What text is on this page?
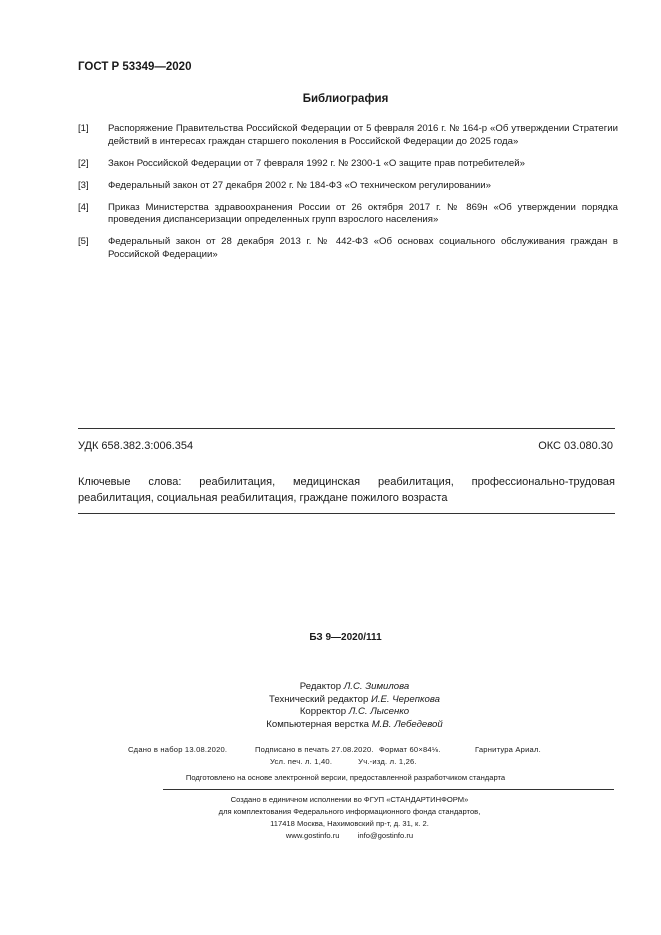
ГОСТ Р 53349—2020
Библиография
[1]	Распоряжение Правительства Российской Федерации от 5 февраля 2016 г. № 164-р «Об утверждении Стратегии действий в интересах граждан старшего поколения в Российской Федерации до 2025 года»
[2]	Закон Российской Федерации от 7 февраля 1992 г. № 2300-1 «О защите прав потребителей»
[3]	Федеральный закон от 27 декабря 2002 г. № 184-ФЗ «О техническом регулировании»
[4]	Приказ Министерства здравоохранения России от 26 октября 2017 г. № 869н «Об утверждении порядка проведения диспансеризации определенных групп взрослого населения»
[5]	Федеральный закон от 28 декабря 2013 г. № 442-ФЗ «Об основах социального обслуживания граждан в Российской Федерации»
УДК 658.382.3:006.354	ОКС 03.080.30
Ключевые слова: реабилитация, медицинская реабилитация, профессионально-трудовая реабилитация, социальная реабилитация, граждане пожилого возраста
БЗ 9—2020/111
Редактор Л.С. Зимилова
Технический редактор И.Е. Черепкова
Корректор Л.С. Лысенко
Компьютерная верстка М.В. Лебедевой
Сдано в набор 13.08.2020.	Подписано в печать 27.08.2020. Формат 60×84⅛.	Гарнитура Ариал.
Усл. печ. л. 1,40.	Уч.-изд. л. 1,26.
Подготовлено на основе электронной версии, предоставленной разработчиком стандарта
Создано в единичном исполнении во ФГУП «СТАНДАРТИНФОРМ»
для комплектования Федерального информационного фонда стандартов,
117418 Москва, Нахимовский пр-т, д. 31, к. 2.
www.gostinfo.ru info@gostinfo.ru
